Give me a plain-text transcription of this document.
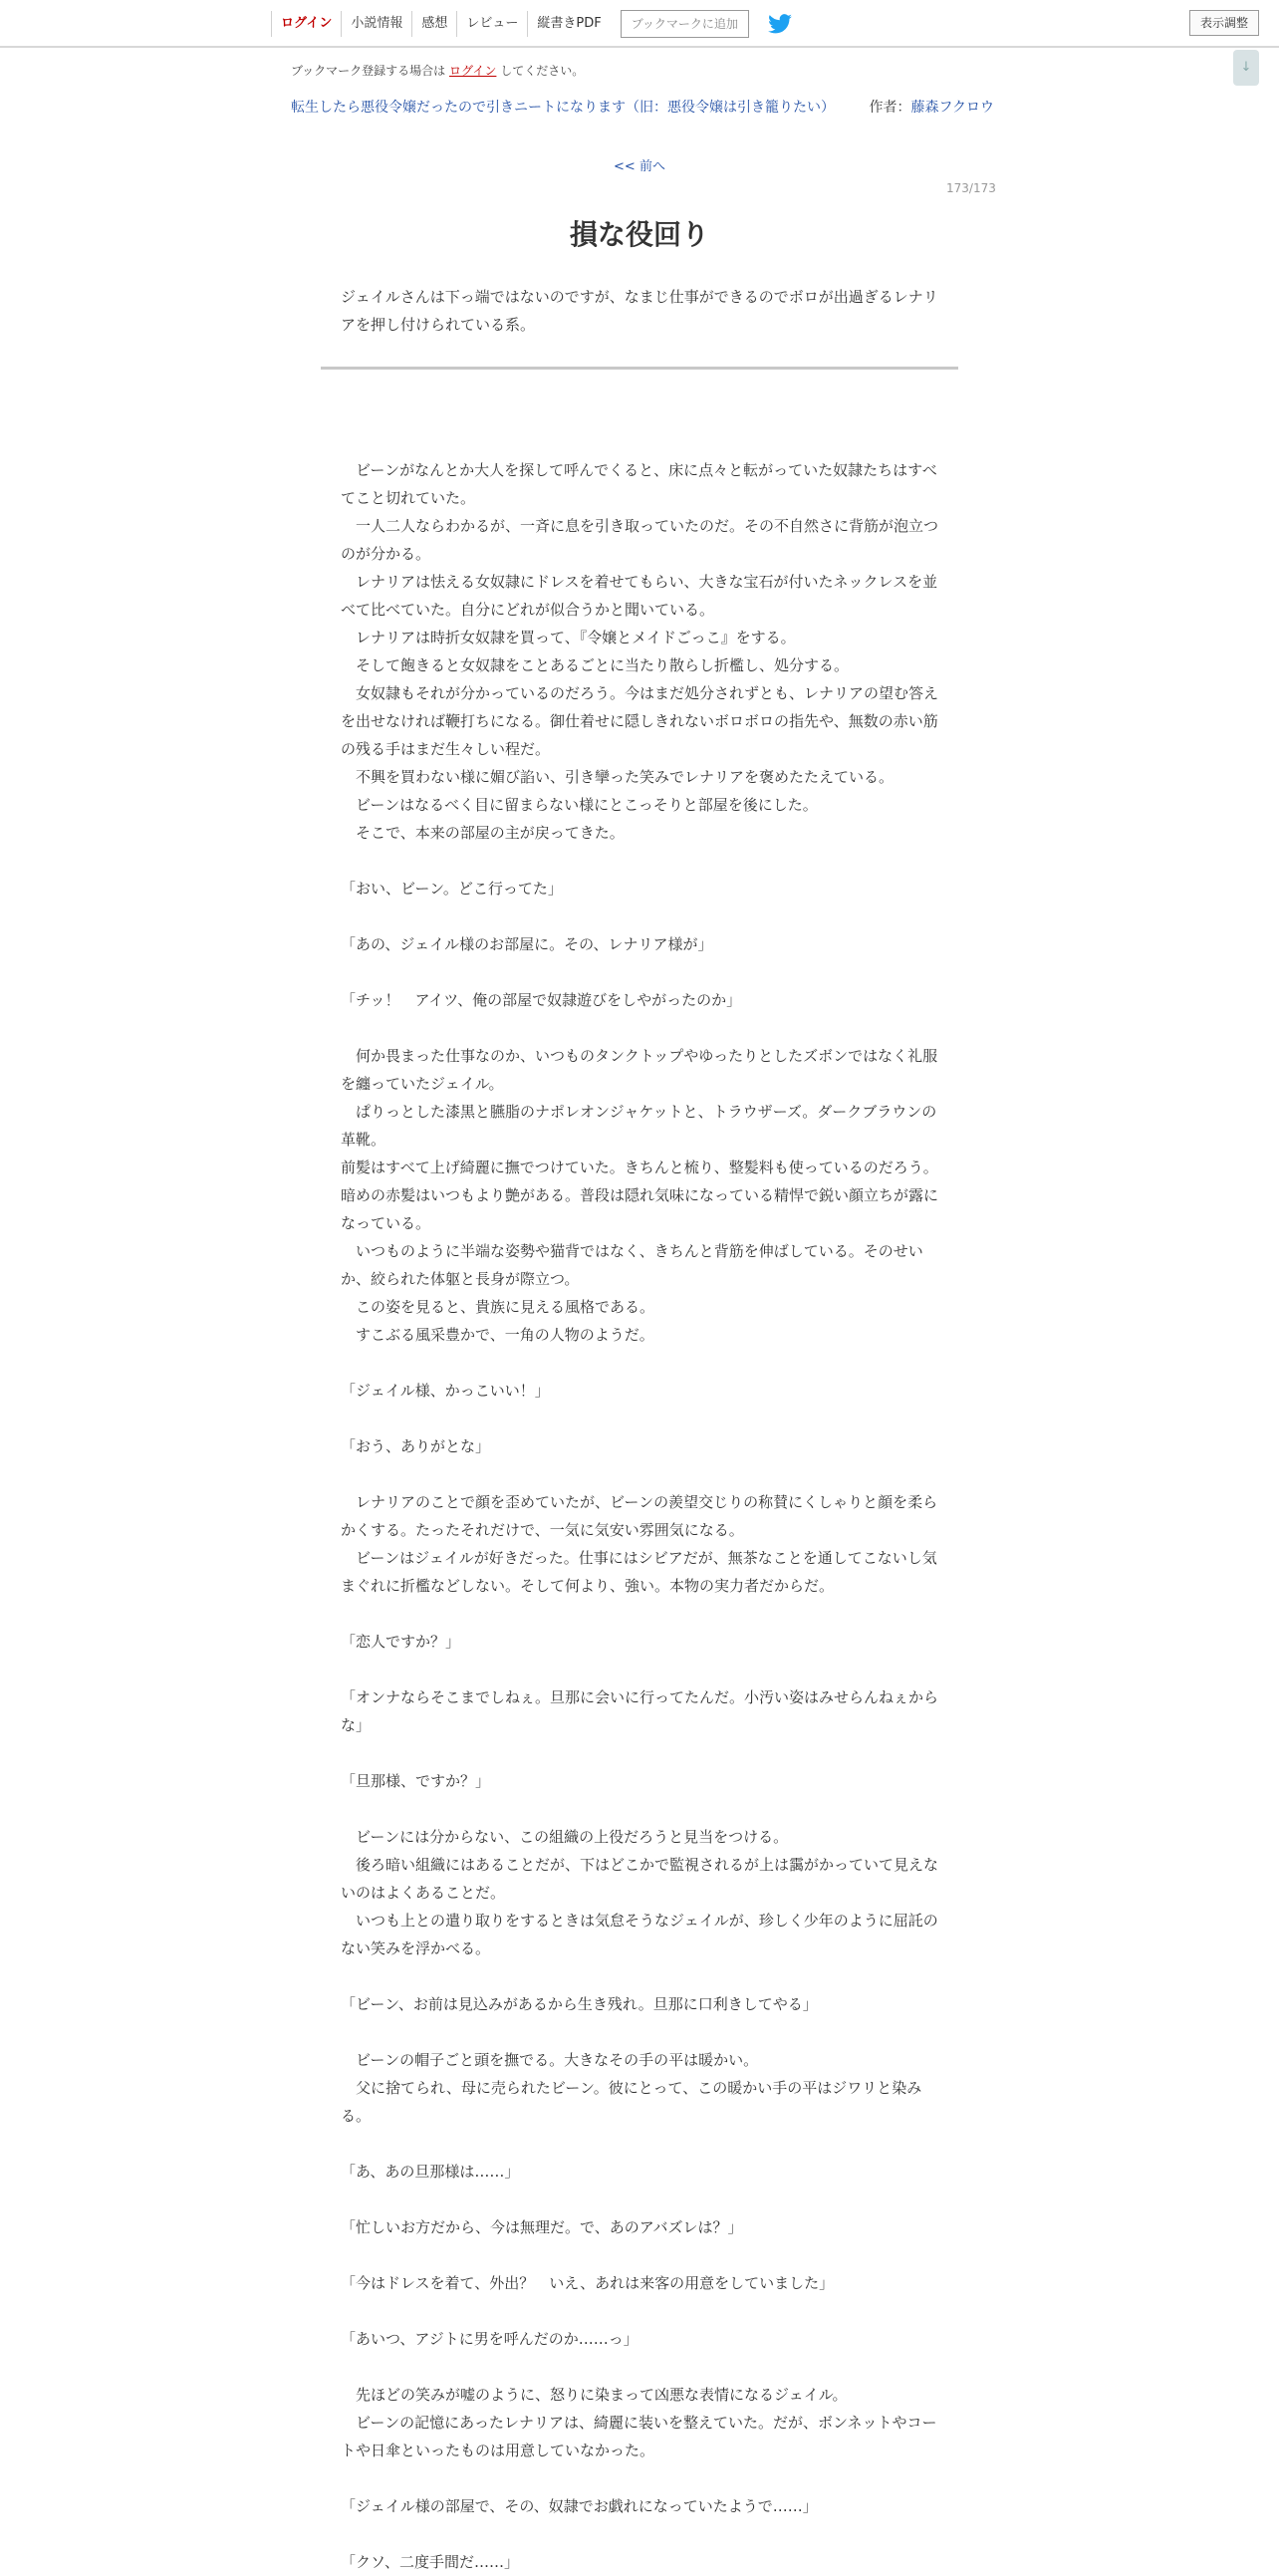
ログイン	小説情報	感想	レビュー	縦書きPDF	ブックマークに追加	表示調整
↓
ブックマーク登録する場合は ログイン してください。
転生したら悪役令嬢だったので引きニートになります（旧：悪役令嬢は引き籠りたい） 作者：藤森フクロウ
<< 前へ
173/173
損な役回り
ジェイルさんは下っ端ではないのですが、なまじ仕事ができるのでボロが出過ぎるレナリアを押し付けられている系。

　ビーンがなんとか大人を探して呼んでくると、床に点々と転がっていた奴隷たちはすべてこと切れていた。

　一人二人ならわかるが、一斉に息を引き取っていたのだ。その不自然さに背筋が泡立つのが分かる。

　レナリアは怯える女奴隷にドレスを着せてもらい、大きな宝石が付いたネックレスを並べて比べていた。自分にどれが似合うかと聞いている。

　レナリアは時折女奴隷を買って、『令嬢とメイドごっこ』をする。

　そして飽きると女奴隷をことあるごとに当たり散らし折檻し、処分する。

　女奴隷もそれが分かっているのだろう。今はまだ処分されずとも、レナリアの望む答えを出せなければ鞭打ちになる。御仕着せに隠しきれないボロボロの指先や、無数の赤い筋の残る手はまだ生々しい程だ。

　不興を買わない様に媚び諂い、引き攣った笑みでレナリアを褒めたたえている。

　ビーンはなるべく目に留まらない様にとこっそりと部屋を後にした。

　そこで、本来の部屋の主が戻ってきた。

「おい、ビーン。どこ行ってた」

「あの、ジェイル様のお部屋に。その、レナリア様が」

「チッ！　アイツ、俺の部屋で奴隷遊びをしやがったのか」

　何か畏まった仕事なのか、いつものタンクトップやゆったりとしたズボンではなく礼服を纏っていたジェイル。

　ぱりっとした漆黒と臙脂のナポレオンジャケットと、トラウザーズ。ダークブラウンの革靴。

前髪はすべて上げ綺麗に撫でつけていた。きちんと梳り、整髪料も使っているのだろう。暗めの赤髪はいつもより艶がある。普段は隠れ気味になっている精悍で鋭い顔立ちが露になっている。

　いつものように半端な姿勢や猫背ではなく、きちんと背筋を伸ばしている。そのせいか、絞られた体躯と長身が際立つ。

　この姿を見ると、貴族に見える風格である。

　すこぶる風采豊かで、一角の人物のようだ。

「ジェイル様、かっこいい！」

「おう、ありがとな」

　レナリアのことで顔を歪めていたが、ビーンの羨望交じりの称賛にくしゃりと顔を柔らかくする。たったそれだけで、一気に気安い雰囲気になる。

　ビーンはジェイルが好きだった。仕事にはシビアだが、無茶なことを通してこないし気まぐれに折檻などしない。そして何より、強い。本物の実力者だからだ。

「恋人ですか？」

「オンナならそこまでしねぇ。旦那に会いに行ってたんだ。小汚い姿はみせらんねぇからな」

「旦那様、ですか？」

　ビーンには分からない、この組織の上役だろうと見当をつける。

　後ろ暗い組織にはあることだが、下はどこかで監視されるが上は靄がかっていて見えないのはよくあることだ。

　いつも上との遣り取りをするときは気怠そうなジェイルが、珍しく少年のように屈託のない笑みを浮かべる。

「ビーン、お前は見込みがあるから生き残れ。旦那に口利きしてやる」

　ビーンの帽子ごと頭を撫でる。大きなその手の平は暖かい。

　父に捨てられ、母に売られたビーン。彼にとって、この暖かい手の平はジワリと染みる。

「あ、あの旦那様は……」

「忙しいお方だから、今は無理だ。で、あのアバズレは？」

「今はドレスを着て、外出？　いえ、あれは来客の用意をしていました」

「あいつ、アジトに男を呼んだのか……っ」

　先ほどの笑みが嘘のように、怒りに染まって凶悪な表情になるジェイル。

　ビーンの記憶にあったレナリアは、綺麗に装いを整えていた。だが、ボンネットやコートや日傘といったものは用意していなかった。

「ジェイル様の部屋で、その、奴隷でお戯れになっていたようで……」

「クソ、二度手間だ……」
